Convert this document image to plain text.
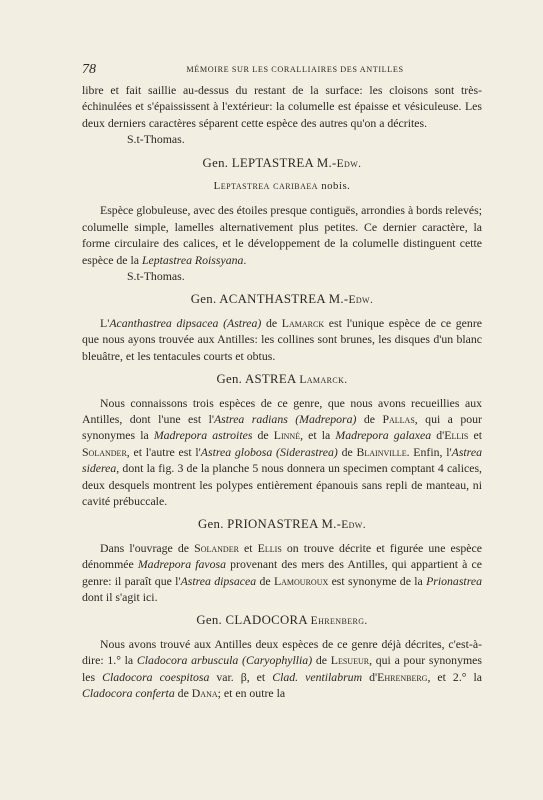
78	MÉMOIRE SUR LES CORALLIAIRES DES ANTILLES

libre et fait saillie au-dessus du restant de la surface: les cloisons sont très-échinulées et s'épaississent à l'extérieur: la columelle est épaisse et vésiculeuse. Les deux derniers caractères séparent cette espèce des autres qu'on a décrites.

S.t-Thomas.

Gen. LEPTASTREA M.-Edw.
Leptastrea caribaea nobis.

Espèce globuleuse, avec des étoiles presque contiguës, arrondies à bords relevés; columelle simple, lamelles alternativement plus petites. Ce dernier caractère, la forme circulaire des calices, et le développement de la columelle distinguent cette espèce de la Leptastrea Roissyana.

S.t-Thomas.

Gen. ACANTHASTREA M.-Edw.

L'Acanthastrea dipsacea (Astrea) de Lamarck est l'unique espèce de ce genre que nous ayons trouvée aux Antilles: les collines sont brunes, les disques d'un blanc bleuâtre, et les tentacules courts et obtus.

Gen. ASTREA Lamarck.

Nous connaissons trois espèces de ce genre, que nous avons recueillies aux Antilles, dont l'une est l'Astrea radians (Madrepora) de Pallas, qui a pour synonymes la Madrepora astroites de Linné, et la Madrepora galaxea d'Ellis et Solander, et l'autre est l'Astrea globosa (Siderastrea) de Blainville. Enfin, l'Astrea siderea, dont la fig. 3 de la planche 5 nous donnera un specimen comptant 4 calices, deux desquels montrent les polypes entièrement épanouis sans repli de manteau, ni cavité prébuccale.

Gen. PRIONASTREA M.-Edw.

Dans l'ouvrage de Solander et Ellis on trouve décrite et figurée une espèce dénommée Madrepora favosa provenant des mers des Antilles, qui appartient à ce genre: il paraît que l'Astrea dipsacea de Lamouroux est synonyme de la Prionastrea dont il s'agit ici.

Gen. CLADOCORA Ehrenberg.

Nous avons trouvé aux Antilles deux espèces de ce genre déjà décrites, c'est-à-dire: 1.° la Cladocora arbuscula (Caryophyllia) de Lesueur, qui a pour synonymes les Cladocora coespitosa var. β, et Clad. ventilabrum d'Ehrenberg, et 2.° la Cladocora conferta de Dana; et en outre la
